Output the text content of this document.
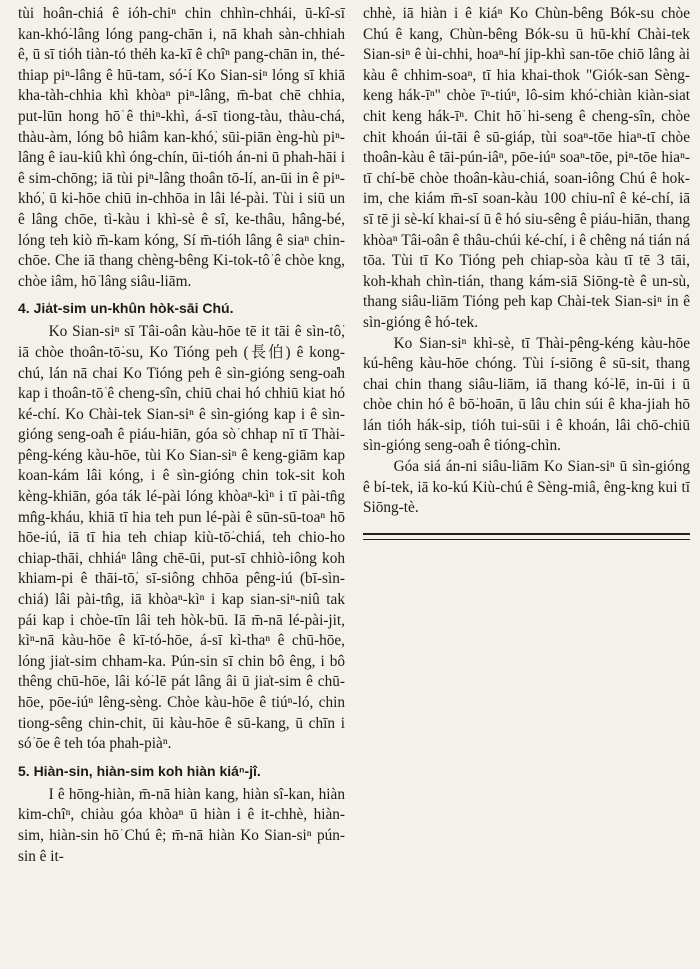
tùi hoân-chiá ê ióh-chiⁿ chin chhìn-chhái, ū-kî-sī kan-khó͘-lâng lóng pang-chān i, nā khah sàn-chhiah ê, ū sī tióh tiàn-tó thẻh ka-kī ê chîⁿ pang-chān in, thé-thiap piⁿ-lâng ê hū-tam, só͘-í Ko Sian-siⁿ lóng sī khiā kha-tàh-chhia khì khòaⁿ piⁿ-lâng, m̄-bat chē chhia, put-lūn hong hō͘ ê thiⁿ-khì, á-sī tiong-tàu, thàu-chá, thàu-àm, lóng bô hiâm kan-khó͘, sūi-piān èng-hù piⁿ-lâng ê iau-kiû khì óng-chín, ūi-tióh án-ni ū phah-hāi i ê sim-chōng; iā tùi piⁿ-lâng thoân tō-lí, an-ūi in ê piⁿ-khó͘, ū ki-hōe chiū in-chhōa in lâi lé-pài. Tùi i siū un ê lâng chōe, tì-kàu i khì-sè ê sî, ke-thâu, hâng-bé, lóng teh kiò m̄-kam kóng, Sí m̄-tióh lâng ê siaⁿ chin-chōe. Che iā thang chèng-bêng Ki-tok-tô͘ ê chòe kng, chòe iâm, hō͘ lâng siâu-liām.

4. Jia̍t-sim un-khûn hòk-sāi Chú.

Ko Sian-siⁿ sī Tâi-oân kàu-hōe tē it tāi ê sìn-tô͘, iā chòe thoân-tō͘-su, Ko Tióng peh (長伯) ê kong-chú, lán nā chai Ko Tióng peh ê sìn-gióng seng-oa̍h kap i thoân-tō͘ ê cheng-sîn, chiū chai hó chhiū kiat hó ké-chí. Ko Chài-tek Sian-siⁿ ê sìn-gióng kap i ê sìn-gióng seng-oa̍h ê piáu-hiān, góa sò͘ chhap nī tī Thài-pêng-kéng kàu-hōe, tùi Ko Sian-siⁿ ê keng-giām kap koan-kám lâi kóng, i ê sìn-gióng chin tok-sit koh kèng-khiān, góa ták lé-pài lóng khòaⁿ-kìⁿ i tī pài-tn̂g mn̂g-kháu, khiā tī hia teh pun lé-pài ê sūn-sū-toaⁿ hō͘ hōe-iú, iā tī hia teh chiap kiù-tō͘-chiá, teh chio-ho͘ chiap-thāi, chhiáⁿ lâng chē-ūi, put-sī chhiò-iông koh khiam-pi ê thāi-tō͘, sī-siông chhōa pêng-iú (bī-sìn-chiá) lâi pài-tn̂g, iā khòaⁿ-kìⁿ i kap sian-siⁿ-niû tak pái kap i chòe-tīn lâi teh hòk-bū. Iā m̄-nā lé-pài-jit, kìⁿ-nā kàu-hōe ê kī-tó-hōe, á-sī kì-thaⁿ ê chū-hōe, lóng jia̍t-sim chham-ka. Pún-sin sī chin bô êng, i bô thêng chū-hōe, lâi kó͘-lē pát lâng âi ū jia̍t-sim ê chū-hōe, pōe-iúⁿ lêng-sèng. Chòe kàu-hōe ê tiúⁿ-ló, chin tiong-sêng chin-chit, ūi kàu-hōe ê sū-kang, ū chīn i só͘ ōe ê teh tóa phah-piàⁿ.

5. Hiàn-sin, hiàn-sim koh hiàn kiáⁿ-jî.

I ê hōng-hiàn, m̄-nā hiàn kang, hiàn sî-kan, hiàn kim-chîⁿ, chiàu góa khòaⁿ ū hiàn i ê it-chhè, hiàn-sim, hiàn-sin hō͘ Chú ê; m̄-nā hiàn Ko Sian-siⁿ pún-sin ê it-

chhè, iā hiàn i ê kiáⁿ Ko Chùn-bêng Bók-su chòe Chú ê kang, Chùn-bêng Bók-su ū hū-khí Chài-tek Sian-siⁿ ê ùi-chhi, hoaⁿ-hí jip-khì san-tōe chiō lâng ài kàu ê chhim-soaⁿ, tī hia khai-thok "Giók-san Sèng-keng hák-īⁿ" chòe īⁿ-tiúⁿ, lô-sim khó͘-chiàn kiàn-siat chit keng hák-īⁿ. Chit hō͘ hi-seng ê cheng-sîn, chòe chit khoán úi-tāi ê sū-giáp, tùi soaⁿ-tōe hiaⁿ-tī chòe thoân-kàu ê tāi-pún-iâⁿ, pōe-iúⁿ soaⁿ-tōe, piⁿ-tōe hiaⁿ-tī chí-bē chòe thoân-kàu-chiá, soan-iông Chú ê hok-im, che kiám m̄-sī soan-kàu 100 chiu-nî ê ké-chí, iā sī tē ji sè-kí khai-sí ū ê hó siu-sêng ê piáu-hiān, thang khòaⁿ Tâi-oân ê thâu-chúi ké-chí, i ê chêng ná tián ná tōa. Tùi tī Ko Tióng peh chiap-sòa kàu tī tē 3 tāi, koh-khah chìn-tián, thang kám-siā Siōng-tè ê un-sù, thang siâu-liām Tióng peh kap Chài-tek Sian-siⁿ in ê sìn-gióng ê hó-tek.

Ko Sian-siⁿ khì-sè, tī Thài-pêng-kéng kàu-hōe kú-hêng kàu-hōe chóng. Tùi í-siōng ê sū-sit, thang chai chin thang siâu-liām, iā thang kó͘-lē, in-ūi i ū chòe chin hó ê bō͘-hoān, ū lâu chin súi ê kha-jiah hō͘ lán tióh hák-sip, tióh tui-sūi i ê khoán, lâi chō-chiū sìn-gióng seng-oa̍h ê tióng-chìn.

Góa siá án-ni siâu-liām Ko Sian-siⁿ ū sìn-gióng ê bí-tek, iā ko-kú Kiù-chú ê Sèng-miâ, êng-kng kui tī Siōng-tè.
